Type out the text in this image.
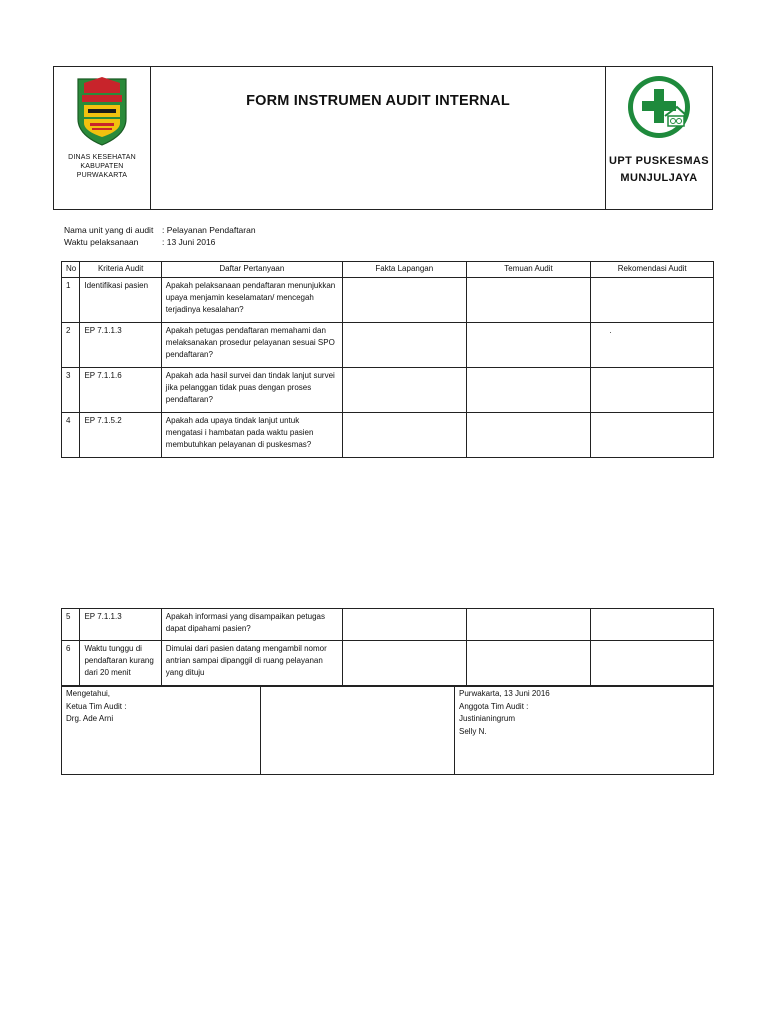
DINAS KESEHATAN
KABUPATEN
PURWAKARTA
FORM INSTRUMEN AUDIT INTERNAL
UPT PUSKESMAS
MUNJULJAYA
Nama unit yang di audit : Pelayanan Pendaftaran
Waktu pelaksanaan	: 13 Juni 2016
No	Kriteria Audit	Daftar Pertanyaan	Fakta Lapangan	Temuan Audit	Rekomendasi Audit
1	Identifikasi pasien	Apakah pelaksanaan pendaftaran menunjukkan upaya menjamin keselamatan/ mencegah terjadinya kesalahan?			
2	EP 7.1.1.3	Apakah petugas pendaftaran memahami dan melaksanakan prosedur pelayanan sesuai SPO pendaftaran?			.
3	EP 7.1.1.6	Apakah ada hasil survei dan tindak lanjut survei jika pelanggan tidak puas dengan proses pendaftaran?			
4	EP 7.1.5.2	Apakah ada upaya tindak lanjut untuk mengatasi i hambatan pada waktu pasien membutuhkan pelayanan di puskesmas?			
5	EP 7.1.1.3	Apakah informasi yang disampaikan petugas dapat dipahami pasien?			
6	Waktu tunggu di pendaftaran kurang dari 20 menit	Dimulai dari pasien datang mengambil nomor antrian sampai dipanggil di ruang pelayanan yang dituju			
Mengetahui,
Ketua Tim Audit :
Drg. Ade Arni
Purwakarta, 13 Juni 2016
Anggota Tim Audit :
Justinianingrum
Selly N.
